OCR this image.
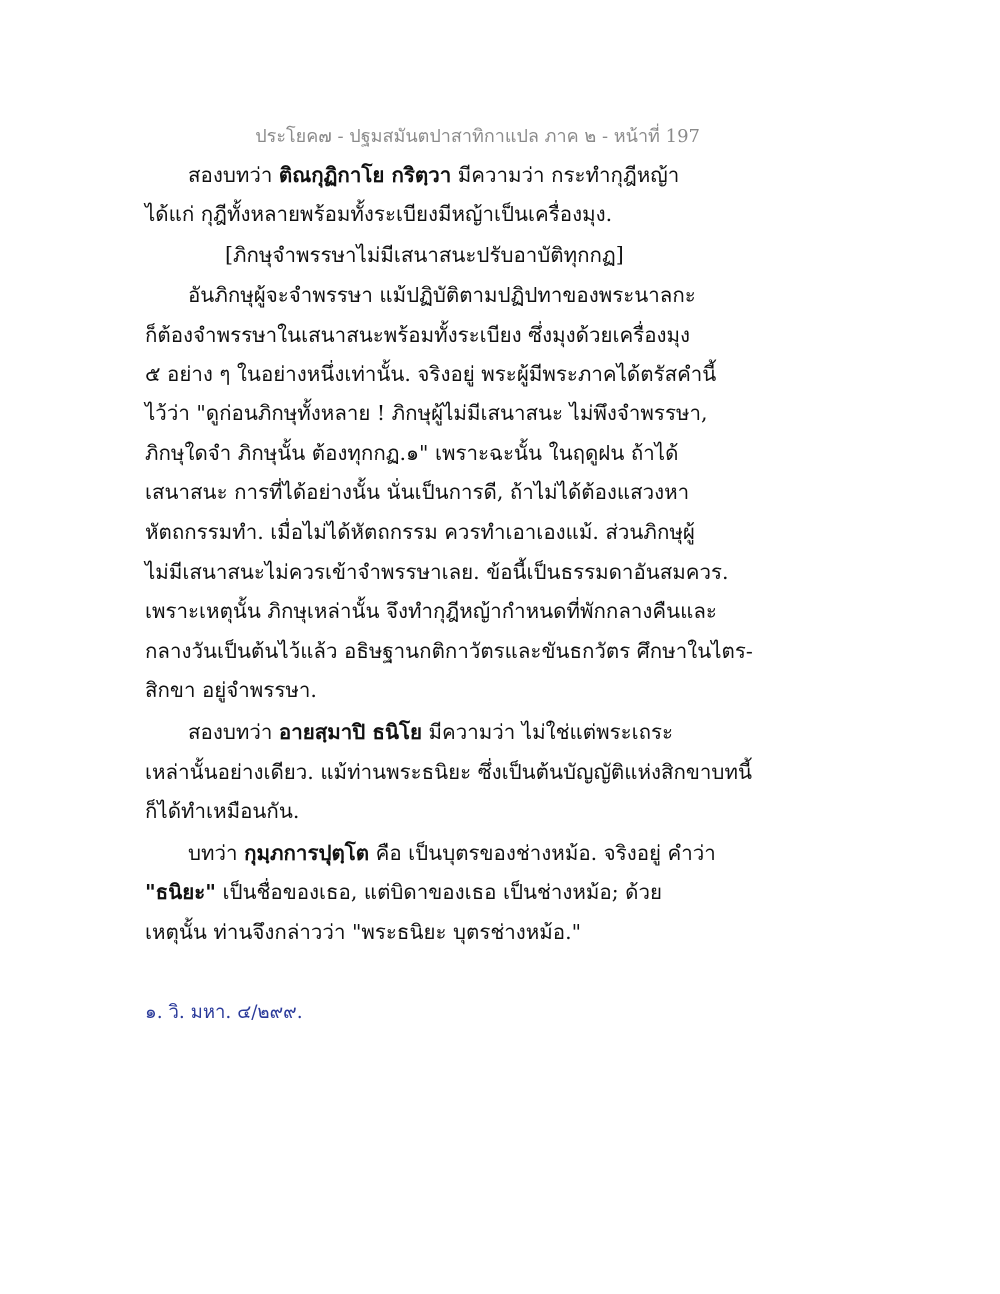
ประโยค๗ - ปฐมสมันตปาสาทิกาแปล ภาค ๒ - หน้าที่ 197
สองบทว่า ติณกุฏิกาโย กริตฺวา มีความว่า กระทำกุฎีหญ้า
ได้แก่ กุฎีทั้งหลายพร้อมทั้งระเบียงมีหญ้าเป็นเครื่องมุง.
[ภิกษุจำพรรษาไม่มีเสนาสนะปรับอาบัติทุกกฏ]
อันภิกษุผู้จะจำพรรษา แม้ปฏิบัติตามปฏิปทาของพระนาลกะ
ก็ต้องจำพรรษาในเสนาสนะพร้อมทั้งระเบียง ซึ่งมุงด้วยเครื่องมุง
๕ อย่าง ๆ ในอย่างหนึ่งเท่านั้น. จริงอยู่ พระผู้มีพระภาคได้ตรัสคำนี้
ไว้ว่า "ดูก่อนภิกษุทั้งหลาย ! ภิกษุผู้ไม่มีเสนาสนะ ไม่พึงจำพรรษา,
ภิกษุใดจำ ภิกษุนั้น ต้องทุกกฏ.๑" เพราะฉะนั้น ในฤดูฝน ถ้าได้
เสนาสนะ การที่ได้อย่างนั้น นั่นเป็นการดี, ถ้าไม่ได้ต้องแสวงหา
หัตถกรรมทำ. เมื่อไม่ได้หัตถกรรม ควรทำเอาเองแม้. ส่วนภิกษุผู้
ไม่มีเสนาสนะไม่ควรเข้าจำพรรษาเลย. ข้อนี้เป็นธรรมดาอันสมควร.
เพราะเหตุนั้น ภิกษุเหล่านั้น จึงทำกุฎีหญ้ากำหนดที่พักกลางคืนและ
กลางวันเป็นต้นไว้แล้ว อธิษฐานกติกาวัตรและขันธกวัตร ศึกษาในไตร-
สิกขา อยู่จำพรรษา.
สองบทว่า อายสฺมาปิ ธนิโย มีความว่า ไม่ใช่แต่พระเถระ
เหล่านั้นอย่างเดียว. แม้ท่านพระธนิยะ ซึ่งเป็นต้นบัญญัติแห่งสิกขาบทนี้
ก็ได้ทำเหมือนกัน.
บทว่า กุมฺภการปุตฺโต คือ เป็นบุตรของช่างหม้อ. จริงอยู่ คำว่า
"ธนิยะ" เป็นชื่อของเธอ, แต่บิดาของเธอ เป็นช่างหม้อ; ด้วย
เหตุนั้น ท่านจึงกล่าวว่า "พระธนิยะ บุตรช่างหม้อ."
๑. วิ. มหา. ๔/๒๙๙.
